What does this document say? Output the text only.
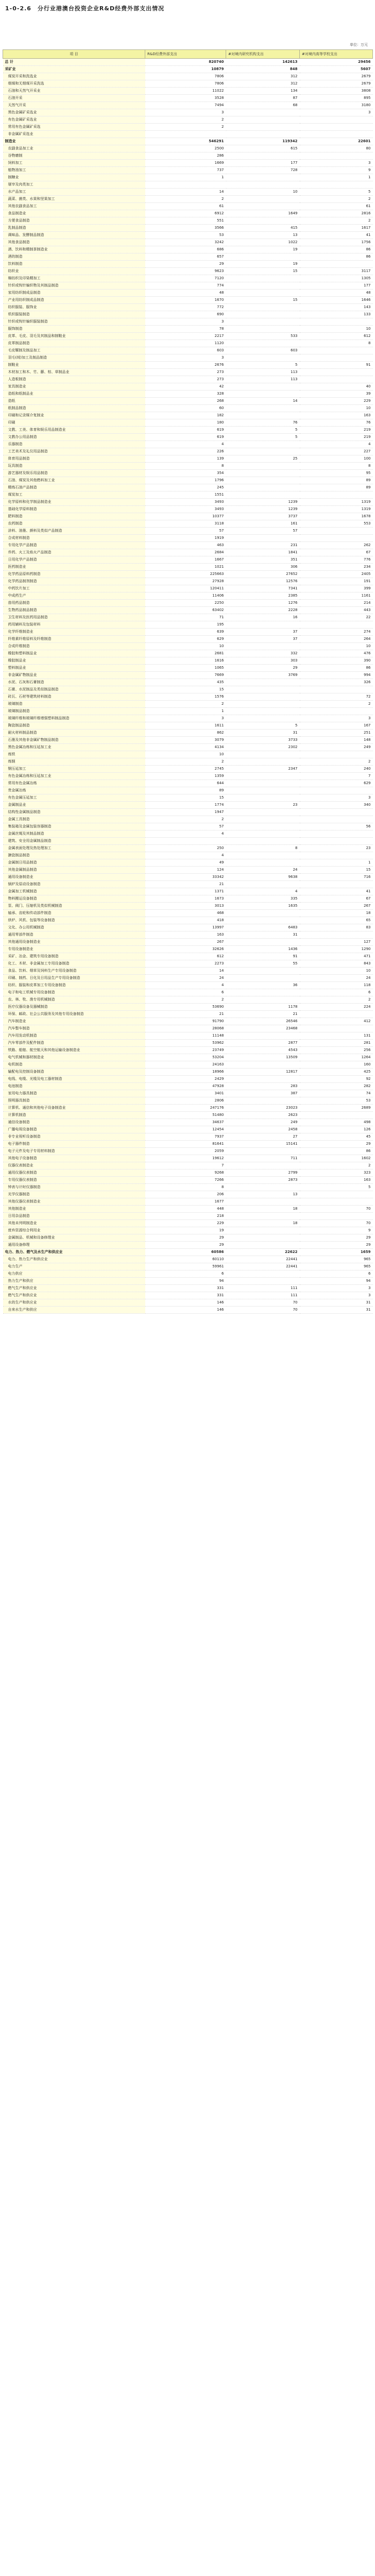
1-0-2.6　分行业港澳台投资企业R&D经费外部支出情况
单位：万元
项 目	R&D经费外部支出	#对境内研究机构支出	#对境内高等学校支出
总 计	820740	142613	29456
采矿业	10879	848	5607
煤炭开采和洗选业	7806	312	2679
烟煤和无烟煤开采洗选	7806	312	2679
石油和天然气开采业	11022	134	3808
石油开采	3528	87	895
天然气开采	7494	68	3180
黑色金属矿采选业	3		3
有色金属矿采选业	2		
常用有色金属矿采选	2		
非金属矿采选业			
制造业	546291	119342	22601
农副食品加工业	2500	615	80
谷物磨制	286		
饲料加工	1669	177	3
植物油加工	737	728	9
制糖业	1		1
屠宰及肉类加工			
水产品加工	14	10	5
蔬菜、菌类、水果和坚果加工	2		2
其他农副食品加工	61		61
食品制造业	6912	1649	2816
方便食品制造	551		2
乳制品制造	3566	415	1617
调味品、发酵制品制造	53	13	41
其他食品制造	3242	1022	1756
酒、饮料和精制茶制造业	686	19	86
酒的制造	657		86
饮料制造	29	19	
纺织业	9623	15	3117
棉纺织及印染精加工	7120		1305
针织或钩针编织物及其制品制造	774		177
家用纺织制成品制造	48		48
产业用纺织制成品制造	1670	15	1646
纺织服装、服饰业	772		143
机织服装制造	690		133
针织或钩针编织服装制造	3		
服饰制造	78		10
皮革、毛皮、羽毛及其制品和制鞋业	2217	533	612
皮革制品制造	1120		8
毛皮鞣制及制品加工	603	603	
羽毛(绒)加工及制品制造	3		
制鞋业	2676	5	91
木材加工和木、竹、藤、棕、草制品业	273	113	
人造板制造	273	113	
家具制造业	42		40
造纸和纸制品业	328		39
造纸	268	14	229
纸制品制造	60		10
印刷和记录媒介复制业	182		163
印刷	180	76	76
文教、工美、体育和娱乐用品制造业	619	5	219
文教办公用品制造	619	5	219
乐器制造	4		4
工艺美术及礼仪用品制造	226		227
体育用品制造	139	25	100
玩具制造	8		8
游艺器材及娱乐用品制造	354		95
石油、煤炭及其他燃料加工业	1796		89
精炼石油产品制造	245		89
煤炭加工	1551		
化学原料和化学制品制造业	3493	1239	1319
基础化学原料制造	3493	1239	1319
肥料制造	10377	3737	1678
农药制造	3118	161	553
涂料、油墨、颜料及类似产品制造	57	57	
合成材料制造	1919		
专用化学产品制造	463	231	262
炸药、火工及焰火产品制造	2684	1841	67
日用化学产品制造	1667	351	776
医药制造业	1021	306	234
化学药品原料药制造	225663	27652	2405
化学药品制剂制造	27928	12576	191
中药饮片加工	120411	7341	399
中成药生产	11406	2385	1161
兽用药品制造	2250	1276	214
生物药品制品制造	63402	2228	443
卫生材料及医药用品制造	71	16	22
药用辅料及包装材料	195		
化学纤维制造业	639	37	274
纤维素纤维原料及纤维制造	629	37	264
合成纤维制造	10		10
橡胶和塑料制品业	2681	332	476
橡胶制品业	1616	303	390
塑料制品业	1065	29	86
非金属矿物制品业	7669	3769	994
水泥、石灰和石膏制造	435		326
石膏、水泥制品及类似制品制造	15		
砖瓦、石材等建筑材料制造	1576		72
玻璃制造	2		2
玻璃制品制造	1		
玻璃纤维和玻璃纤维增强塑料制品制造	3		3
陶瓷制品制造	1611	5	167
耐火材料制品制造	862	31	251
石墨及其他非金属矿物制品制造	3079	3733	148
黑色金属冶炼和压延加工业	4134	2302	249
炼铁	10		
炼钢	2		2
钢压延加工	2745	2347	240
有色金属冶炼和压延加工业	1359		7
常用有色金属冶炼	644		629
贵金属冶炼	89		
有色金属压延加工	15		3
金属制品业	1774	23	340
结构性金属制品制造	1947		
金属工具制造	2		
集装箱及金属包装容器制造	57		56
金属丝绳及其制品制造	4		
建筑、安全用金属制品制造			
金属表面处理及热处理加工	250	8	23
搪瓷制品制造	4		
金属制日用品制造	49		1
其他金属制品制造	124	24	15
通用设备制造业	33342	9638	716
锅炉及原动设备制造	21		
金属加工机械制造	1371	4	41
物料搬运设备制造	1673	335	67
泵、阀门、压缩机及类似机械制造	3013	1635	267
轴承、齿轮和传动部件制造	468		18
烘炉、风机、包装等设备制造	418		65
文化、办公用机械制造	13997	6483	83
通用零部件制造	163	31	
其他通用设备制造业	267		127
专用设备制造业	32626	1436	1290
采矿、冶金、建筑专用设备制造	612	91	471
化工、木材、非金属加工专用设备制造	2273	55	843
食品、饮料、烟草及饲料生产专用设备制造	14		10
印刷、制药、日化及日用品生产专用设备制造	24		24
纺织、服装和皮革加工专用设备制造	4	36	118
电子和电工机械专用设备制造	6		6
农、林、牧、渔专用机械制造	2		2
医疗仪器设备及器械制造	53690	1178	224
环保、邮政、社会公共服务及其他专用设备制造	21	21	
汽车制造业	91790	26546	412
汽车整车制造	28068	23468	
汽车用发动机制造	11148		131
汽车零部件及配件制造	53962	2877	281
铁路、船舶、航空航天和其他运输设备制造业	23749	4543	256
电气机械和器材制造业	53204	13509	1264
电机制造	24163		160
输配电及控制设备制造	18966	12817	425
电线、电缆、光缆及电工器材制造	2429		92
电池制造	47928	283	282
家用电力器具制造	3401	387	74
照明器具制造	2806		53
计算机、通信和其他电子设备制造业	247176	23023	2689
计算机制造	51480	2623	
通信设备制造	34637	249	498
广播电视设备制造	12454	2458	126
非专业视听设备制造	7937	27	45
电子器件制造	81641	15141	29
电子元件及电子专用材料制造	2059		86
其他电子设备制造	19612	711	1602
仪器仪表制造业	7		2
通用仪器仪表制造	9268	2799	323
专用仪器仪表制造	7266	2873	163
钟表与计时仪器制造	8		5
光学仪器制造	206	13	
其他仪器仪表制造业	1677		
其他制造业	448	18	70
日用杂品制造	218		
其他未列明制造业	229	18	70
废弃资源综合利用业	19		9
金属制品、机械和设备修理业	29		29
通用设备修理	29		29
电力、热力、燃气及水生产和供应业	60586	22622	1659
电力、热力生产和供应业	60110	22441	965
电力生产	59961	22441	965
电力供应	6		6
热力生产和供应	94		94
燃气生产和供应业	331	111	3
燃气生产和供应业	331	111	3
水的生产和供应业	146	70	31
自来水生产和供应	146	70	31
